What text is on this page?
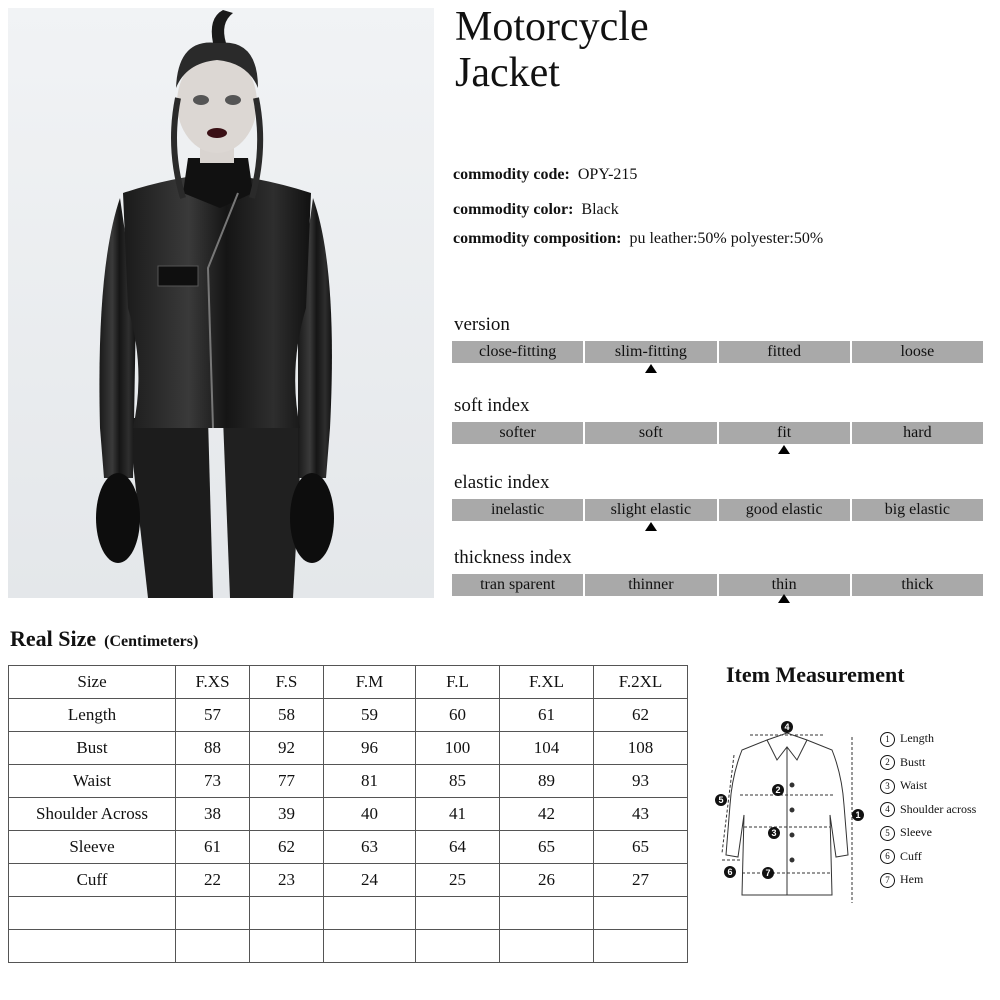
Motorcycle
Jacket
commodity code: OPY-215
commodity color: Black
commodity composition: pu leather:50% polyester:50%
version
close-fitting	slim-fitting	fitted	loose
soft index
softer	soft	fit	hard
elastic index
inelastic	slight elastic	good elastic	big elastic
thickness index
tran sparent	thinner	thin	thick
Real Size (Centimeters)
Size	F.XS	F.S	F.M	F.L	F.XL	F.2XL
Length	57	58	59	60	61	62
Bust	88	92	96	100	104	108
Waist	73	77	81	85	89	93
Shoulder Across	38	39	40	41	42	43
Sleeve	61	62	63	64	65	65
Cuff	22	23	24	25	26	27

Item Measurement
4
2
3
1
5
6	7
1 Length
2 Bustt
3 Waist
4 Shoulder across
5 Sleeve
6 Cuff
7 Hem
